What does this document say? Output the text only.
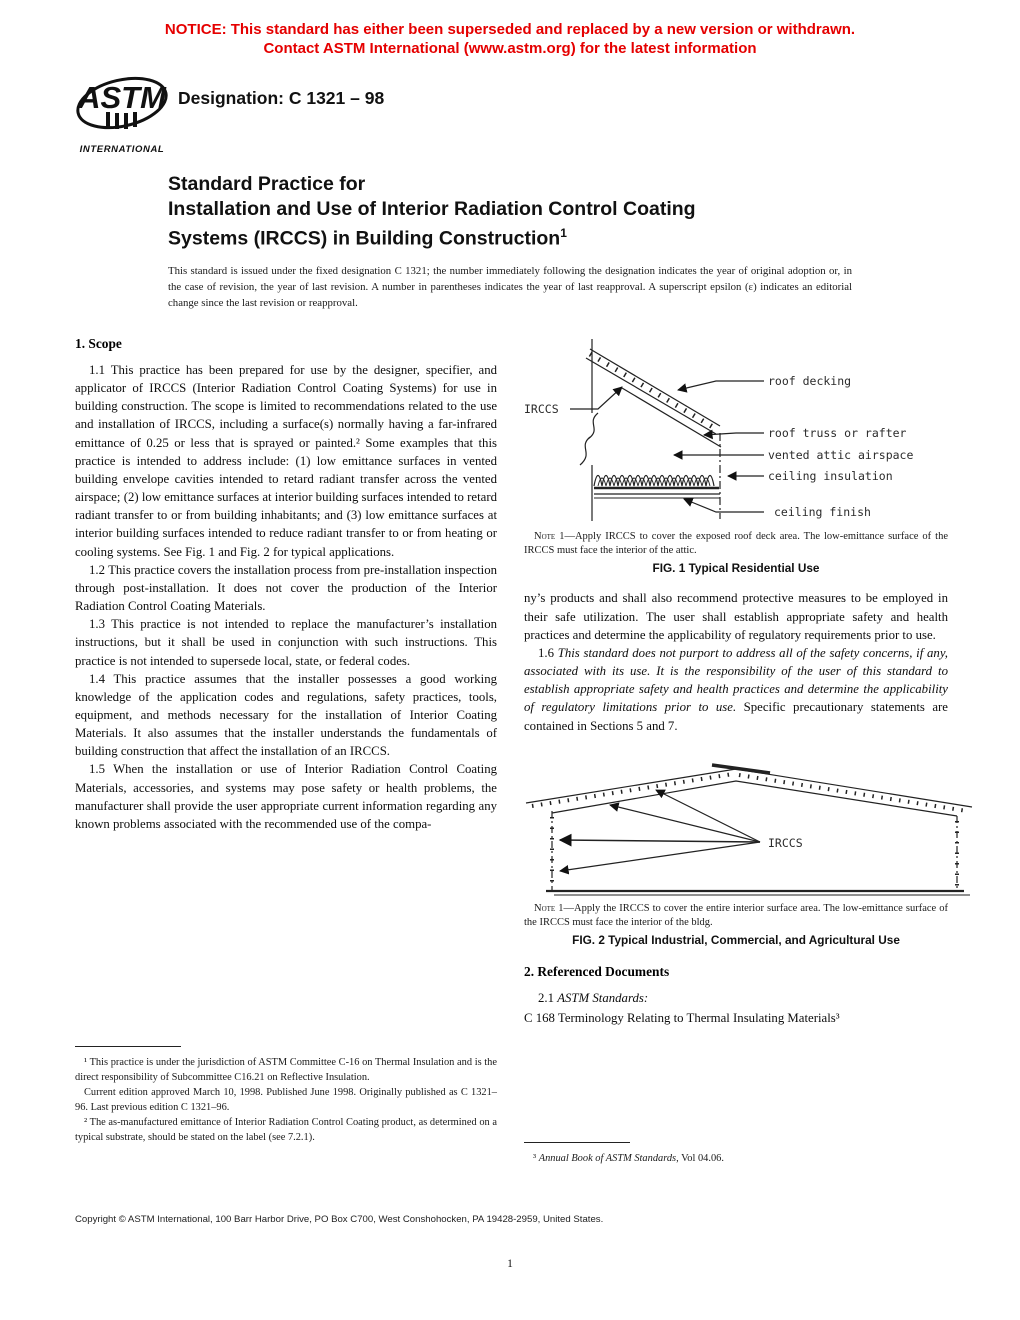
NOTICE: This standard has either been superseded and replaced by a new version or withdrawn.
Contact ASTM International (www.astm.org) for the latest information
ASTM
INTERNATIONAL
Designation: C 1321 – 98
Standard Practice for
Installation and Use of Interior Radiation Control Coating
Systems (IRCCS) in Building Construction$^1$
This standard is issued under the fixed designation C 1321; the number immediately following the designation indicates the year of original adoption or, in the case of revision, the year of last revision. A number in parentheses indicates the year of last reapproval. A superscript epsilon (ε) indicates an editorial change since the last revision or reapproval.
1. Scope

1.1 This practice has been prepared for use by the designer, specifier, and applicator of IRCCS (Interior Radiation Control Coating Systems) for use in building construction. The scope is limited to recommendations related to the use and installation of IRCCS, including a surface(s) normally having a far-infrared emittance of 0.25 or less that is sprayed or painted.² Some examples that this practice is intended to address include: (1) low emittance surfaces in vented building envelope cavities intended to retard radiant transfer across the vented airspace; (2) low emittance surfaces at interior building surfaces intended to retard radiant transfer to or from building inhabitants; and (3) low emittance surfaces at interior building surfaces intended to reduce radiant transfer to or from heating or cooling systems. See Fig. 1 and Fig. 2 for typical applications.

1.2 This practice covers the installation process from pre-installation inspection through post-installation. It does not cover the production of the Interior Radiation Control Coating Materials.

1.3 This practice is not intended to replace the manufacturer’s installation instructions, but it shall be used in conjunction with such instructions. This practice is not intended to supersede local, state, or federal codes.

1.4 This practice assumes that the installer possesses a good working knowledge of the application codes and regulations, safety practices, tools, equipment, and methods necessary for the installation of Interior Coating Materials. It also assumes that the installer understands the fundamentals of building construction that affect the installation of an IRCCS.

1.5 When the installation or use of Interior Radiation Control Coating Materials, accessories, and systems may pose safety or health problems, the manufacturer shall provide the user appropriate current information regarding any known problems associated with the recommended use of the compa-

IRCCS
roof decking
roof truss or rafter
vented attic airspace
ceiling insulation
ceiling finish

Note 1—Apply IRCCS to cover the exposed roof deck area. The low-emittance surface of the IRCCS must face the interior of the attic.

FIG. 1 Typical Residential Use

ny’s products and shall also recommend protective measures to be employed in their safe utilization. The user shall establish appropriate safety and health practices and determine the applicability of regulatory requirements prior to use.

1.6 This standard does not purport to address all of the safety concerns, if any, associated with its use. It is the responsibility of the user of this standard to establish appropriate safety and health practices and determine the applicability of regulatory limitations prior to use. Specific precautionary statements are contained in Sections 5 and 7.

IRCCS

Note 1—Apply the IRCCS to cover the entire interior surface area. The low-emittance surface of the IRCCS must face the interior of the bldg.

FIG. 2 Typical Industrial, Commercial, and Agricultural Use
2. Referenced Documents

2.1 ASTM Standards:

C 168 Terminology Relating to Thermal Insulating Materials³

¹ This practice is under the jurisdiction of ASTM Committee C-16 on Thermal Insulation and is the direct responsibility of Subcommittee C16.21 on Reflective Insulation.

Current edition approved March 10, 1998. Published June 1998. Originally published as C 1321–96. Last previous edition C 1321–96.

² The as-manufactured emittance of Interior Radiation Control Coating product, as determined on a typical substrate, should be stated on the label (see 7.2.1).

³ Annual Book of ASTM Standards, Vol 04.06.

Copyright © ASTM International, 100 Barr Harbor Drive, PO Box C700, West Conshohocken, PA 19428-2959, United States.
1
